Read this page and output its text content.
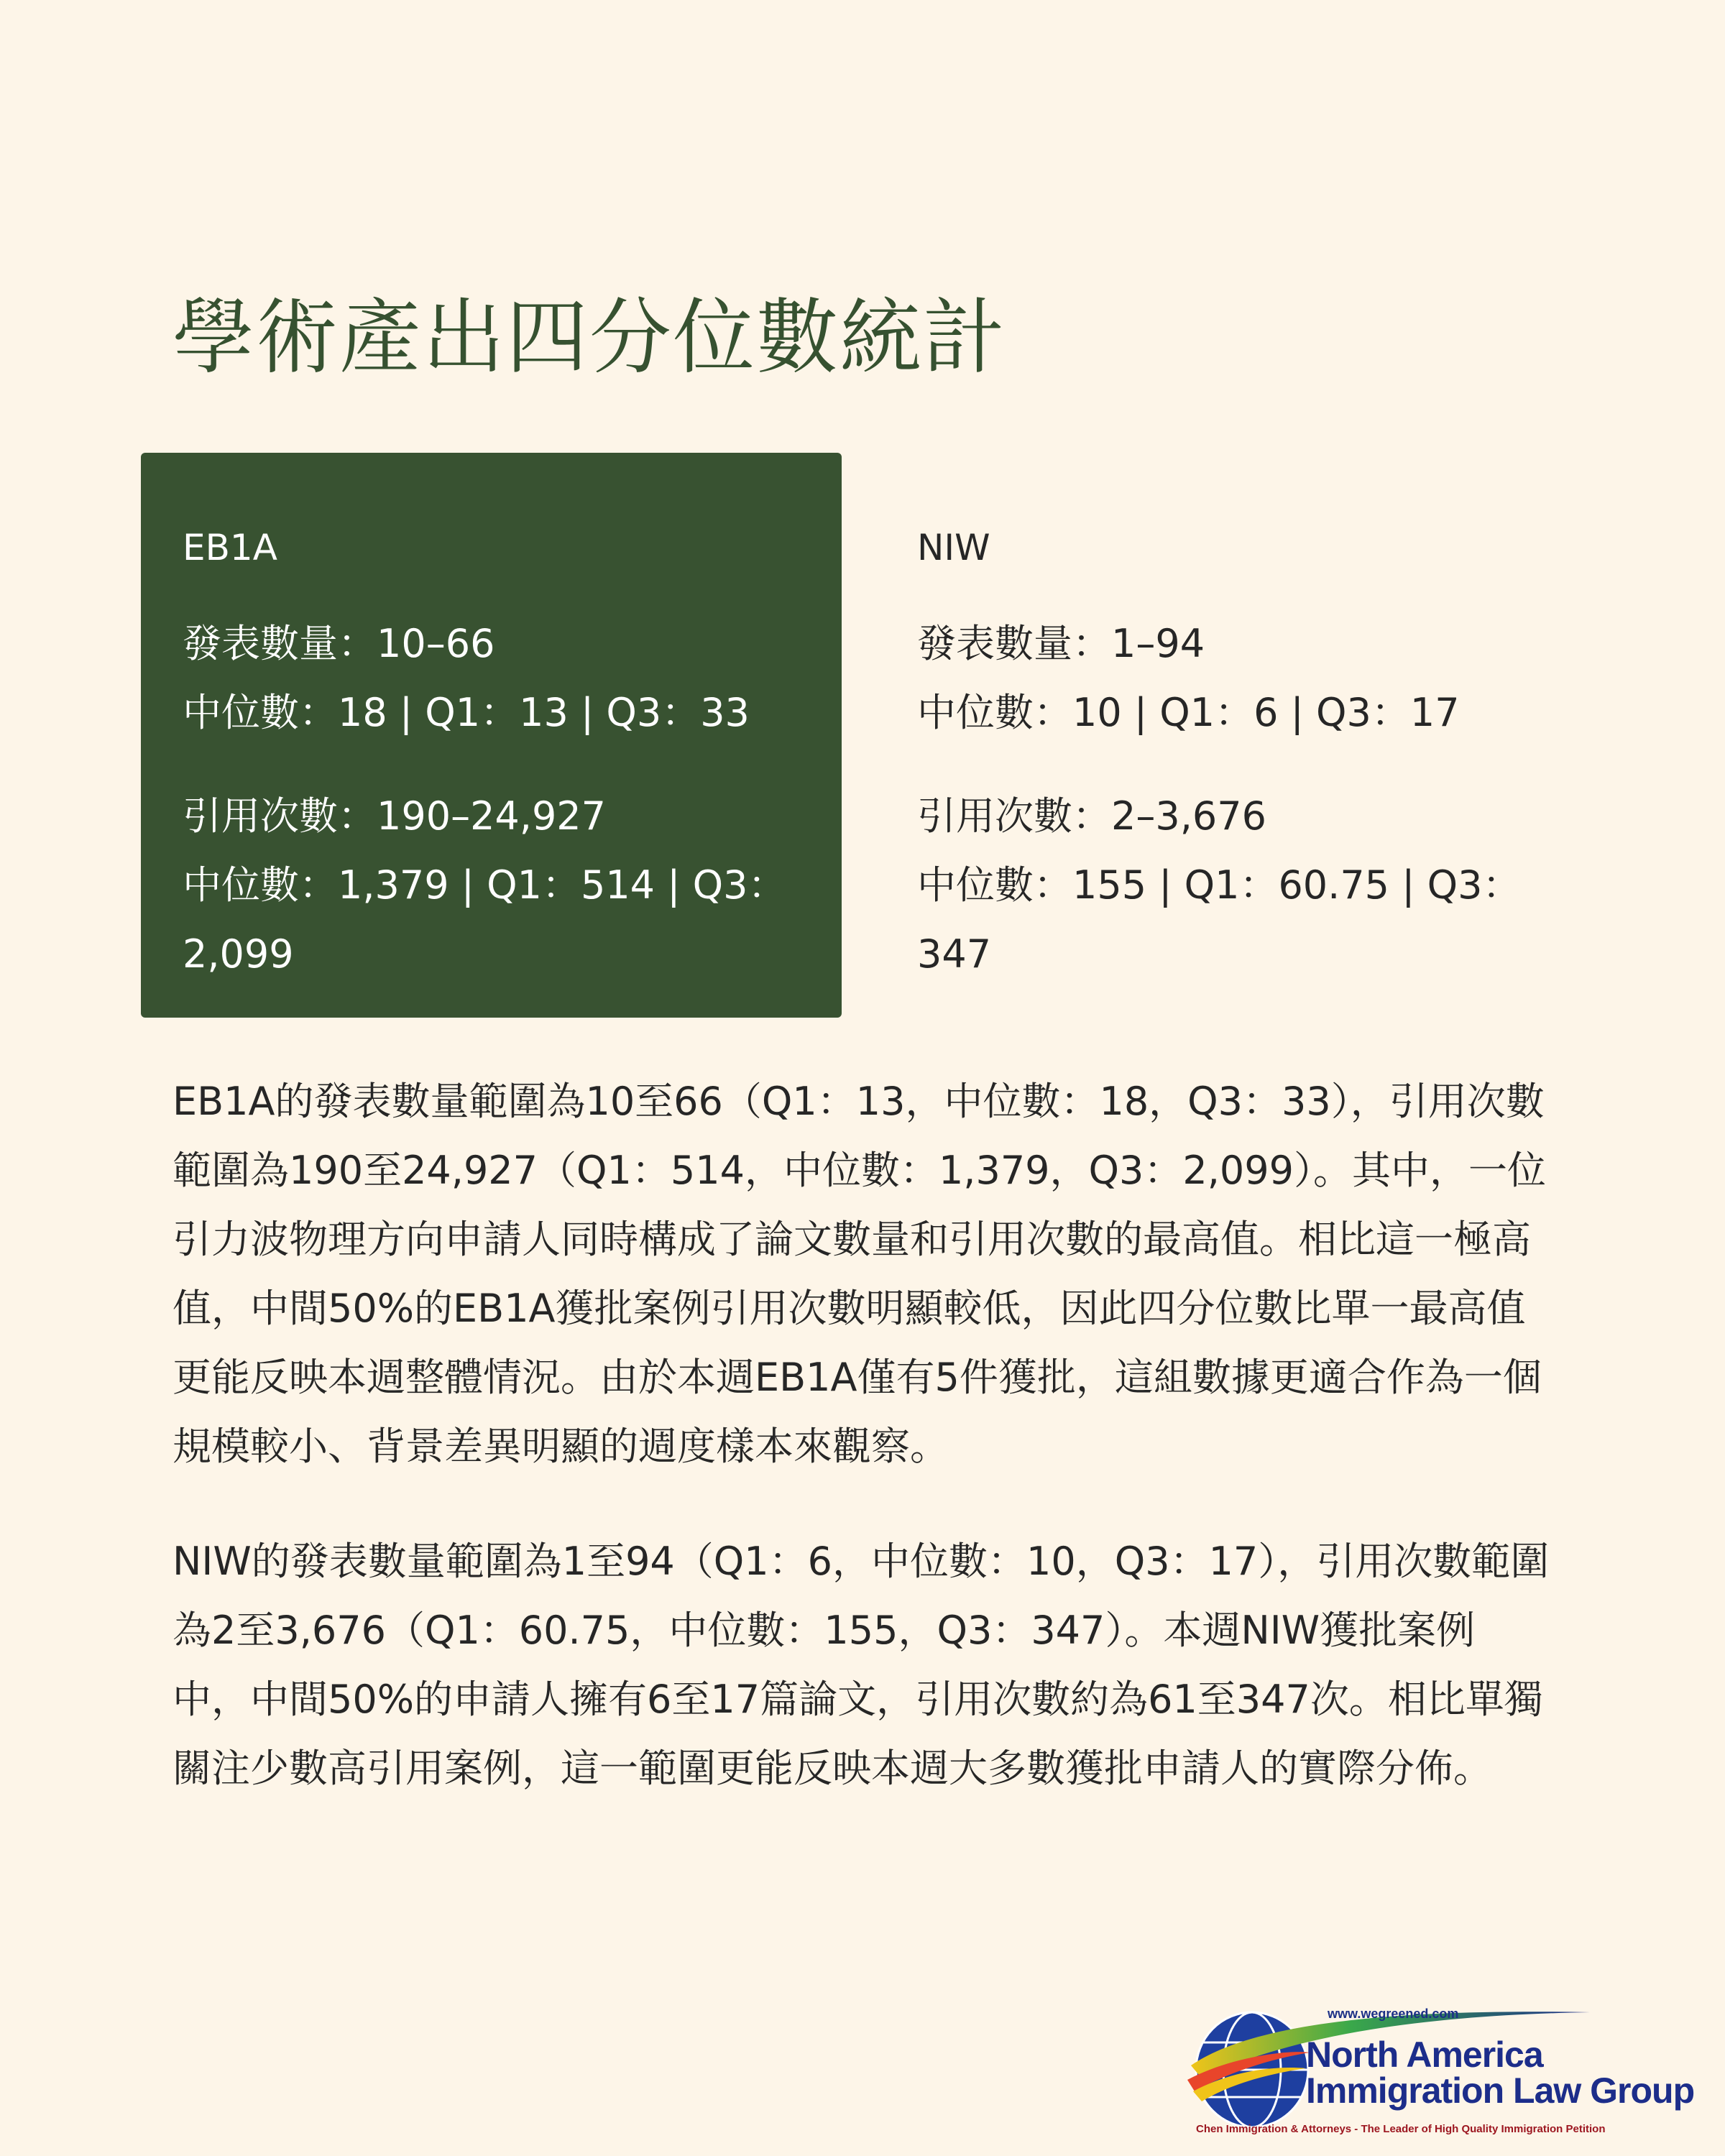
學術產出四分位數統計

EB1A

發表數量：10–66

中位數：18 | Q1：13 | Q3：33

引用次數：190–24,927

中位數：1,379 | Q1：514 | Q3：

2,099

NIW

發表數量：1–94

中位數：10 | Q1：6 | Q3：17

引用次數：2–3,676

中位數：155 | Q1：60.75 | Q3：347

EB1A的發表數量範圍為10至66（Q1：13，中位數：18，Q3：33），引用次數範圍為190至24,927（Q1：514，中位數：1,379，Q3：2,099）。其中，一位引力波物理方向申請人同時構成了論文數量和引用次數的最高值。相比這一極高值，中間50%的EB1A獲批案例引用次數明顯較低，因此四分位數比單一最高值更能反映本週整體情況。由於本週EB1A僅有5件獲批，這組數據更適合作為一個規模較小、背景差異明顯的週度樣本來觀察。

NIW的發表數量範圍為1至94（Q1：6，中位數：10，Q3：17），引用次數範圍為2至3,676（Q1：60.75，中位數：155，Q3：347）。本週NIW獲批案例中，中間50%的申請人擁有6至17篇論文，引用次數約為61至347次。相比單獨關注少數高引用案例，這一範圍更能反映本週大多數獲批申請人的實際分佈。

www.wegreened.com
North America
Immigration Law Group
Chen Immigration & Attorneys - The Leader of High Quality Immigration Petition
